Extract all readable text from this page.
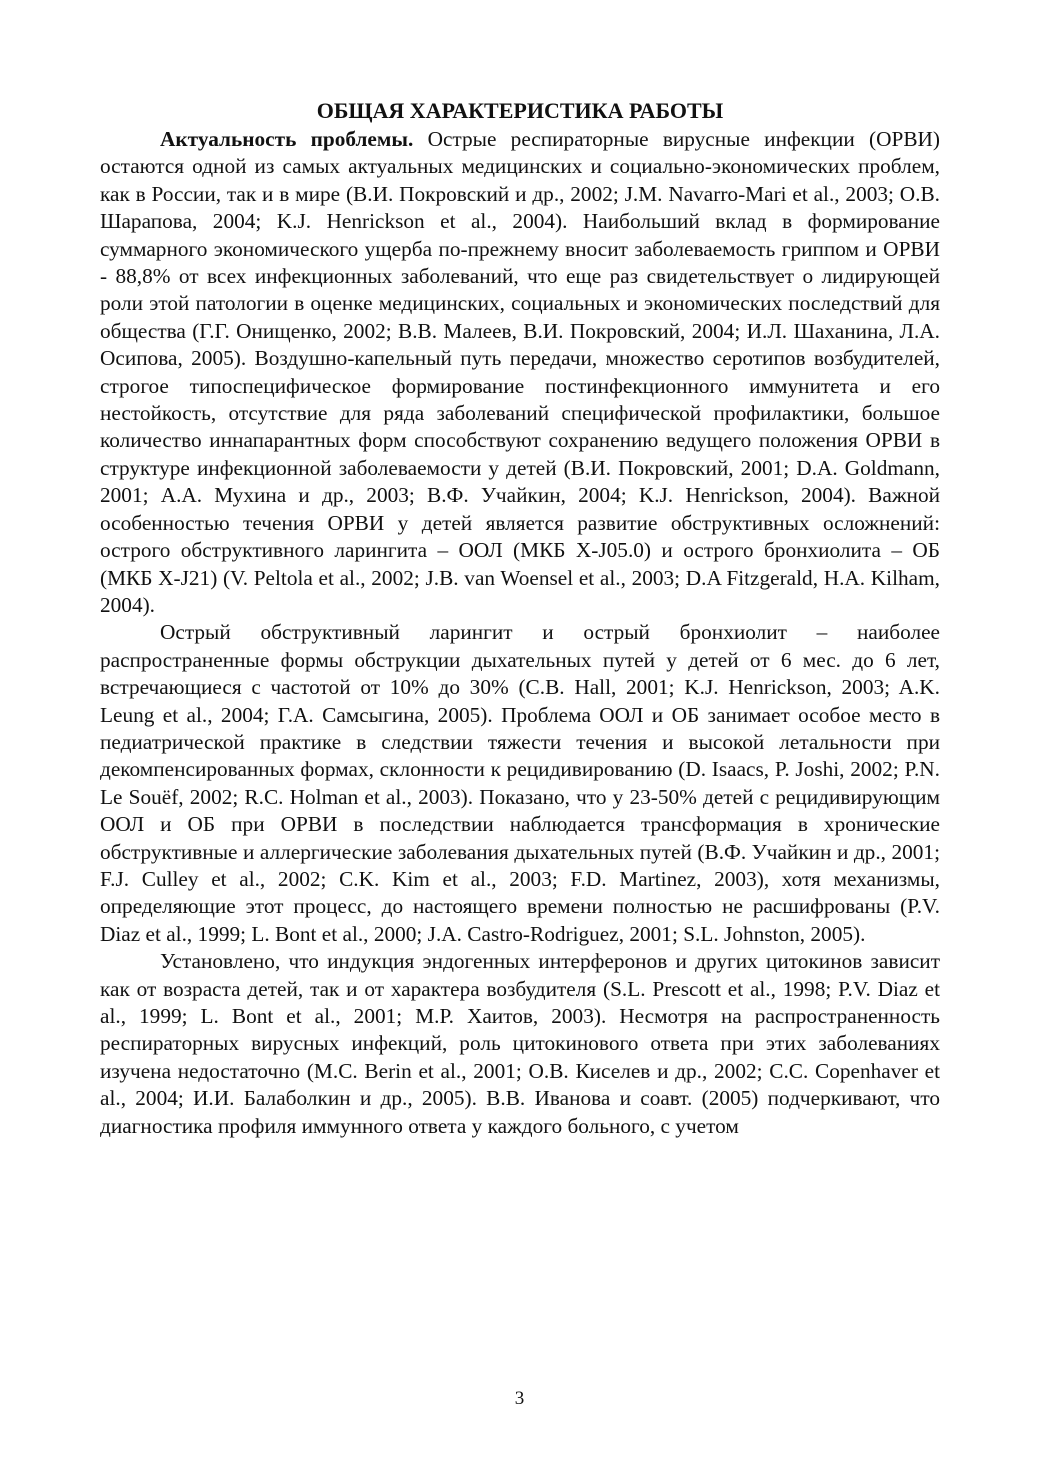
ОБЩАЯ ХАРАКТЕРИСТИКА РАБОТЫ

Актуальность проблемы. Острые респираторные вирусные инфекции (ОРВИ) остаются одной из самых актуальных медицинских и социально-экономических проблем, как в России, так и в мире (В.И. Покровский и др., 2002; J.M. Navarro-Mari et al., 2003; О.В. Шарапова, 2004; K.J. Henrickson et al., 2004). Наибольший вклад в формирование суммарного экономического ущерба по-прежнему вносит заболеваемость гриппом и ОРВИ - 88,8% от всех инфекционных заболеваний, что еще раз свидетельствует о лидирующей роли этой патологии в оценке медицинских, социальных и экономических последствий для общества (Г.Г. Онищенко, 2002; В.В. Малеев, В.И. Покровский, 2004; И.Л. Шаханина, Л.А. Осипова, 2005). Воздушно-капельный путь передачи, множество серотипов возбудителей, строгое типоспецифическое формирование постинфекционного иммунитета и его нестойкость, отсутствие для ряда заболеваний специфической профилактики, большое количество иннапарантных форм способствуют сохранению ведущего положения ОРВИ в структуре инфекционной заболеваемости у детей (В.И. Покровский, 2001; D.A. Goldmann, 2001; А.А. Мухина и др., 2003; В.Ф. Учайкин, 2004; K.J. Henrickson, 2004). Важной особенностью течения ОРВИ у детей является развитие обструктивных осложнений: острого обструктивного ларингита – ООЛ (МКБ X-J05.0) и острого бронхиолита – ОБ (МКБ X-J21) (V. Peltola et al., 2002; J.B. van Woensel et al., 2003; D.A Fitzgerald, H.A. Kilham, 2004).

Острый обструктивный ларингит и острый бронхиолит – наиболее распространенные формы обструкции дыхательных путей у детей от 6 мес. до 6 лет, встречающиеся с частотой от 10% до 30% (C.B. Hall, 2001; K.J. Henrickson, 2003; A.K. Leung et al., 2004; Г.А. Самсыгина, 2005). Проблема ООЛ и ОБ занимает особое место в педиатрической практике в следствии тяжести течения и высокой летальности при декомпенсированных формах, склонности к рецидивированию (D. Isaacs, P. Joshi, 2002; P.N. Le Souëf, 2002; R.C. Holman et al., 2003). Показано, что у 23-50% детей с рецидивирующим ООЛ и ОБ при ОРВИ в последствии наблюдается трансформация в хронические обструктивные и аллергические заболевания дыхательных путей (В.Ф. Учайкин и др., 2001; F.J. Culley et al., 2002; C.K. Kim et al., 2003; F.D. Martinez, 2003), хотя механизмы, определяющие этот процесс, до настоящего времени полностью не расшифрованы (P.V. Diaz et al., 1999; L. Bont et al., 2000; J.A. Castro-Rodriguez, 2001; S.L. Johnston, 2005).

Установлено, что индукция эндогенных интерферонов и других цитокинов зависит как от возраста детей, так и от характера возбудителя (S.L. Prescott et al., 1998; P.V. Diaz et al., 1999; L. Bont et al., 2001; М.Р. Хаитов, 2003). Несмотря на распространенность респираторных вирусных инфекций, роль цитокинового ответа при этих заболеваниях изучена недостаточно (M.C. Berin et al., 2001; О.В. Киселев и др., 2002; C.C. Copenhaver et al., 2004; И.И. Балаболкин и др., 2005). В.В. Иванова и соавт. (2005) подчеркивают, что диагностика профиля иммунного ответа у каждого больного, с учетом

3
